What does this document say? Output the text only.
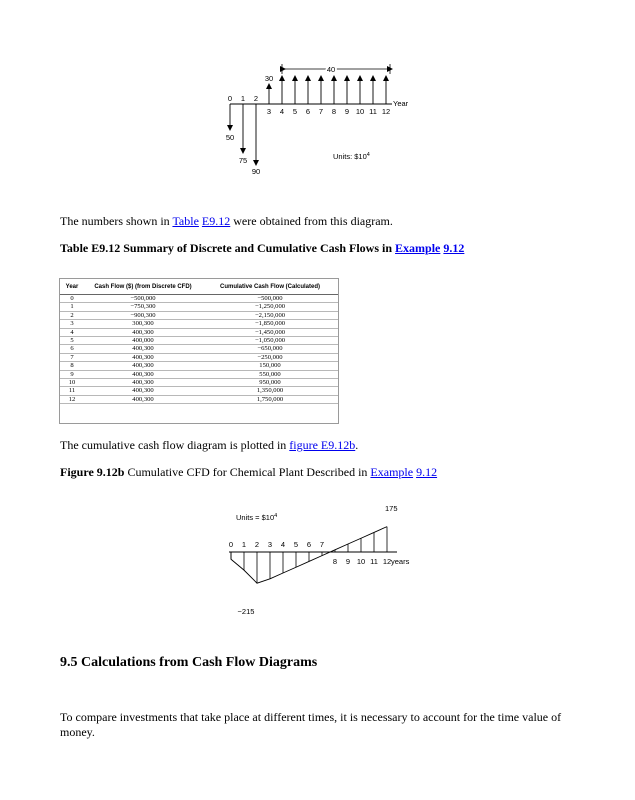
40
Year
0 1 2
3 4 5 6 7 8 9 10 11 12
50
75
90
30
Units: $\$10^4$
The numbers shown in Table E9.12 were obtained from this diagram.
Table E9.12 Summary of Discrete and Cumulative Cash Flows in Example 9.12
Year	Cash Flow ($) (from Discrete CFD)	Cumulative Cash Flow (Calculated)
0	−500,000	−500,000
1	−750,300	−1,250,000
2	−900,300	−2,150,000
3	300,300	−1,850,000
4	400,300	−1,450,000
5	400,000	−1,050,000
6	400,300	−650,000
7	400,300	−250,000
8	400,300	150,000
9	400,300	550,000
10	400,300	950,000
11	400,300	1,350,000
12	400,300	1,750,000
The cumulative cash flow diagram is plotted in figure E9.12b.
Figure 9.12b Cumulative CFD for Chemical Plant Described in Example 9.12
Units = $\$10^4$
175
−215
years
0 1 2 3 4 5 6 7
8 9 10 11 12
9.5 Calculations from Cash Flow Diagrams
To compare investments that take place at different times, it is necessary to account for the time value of money.
